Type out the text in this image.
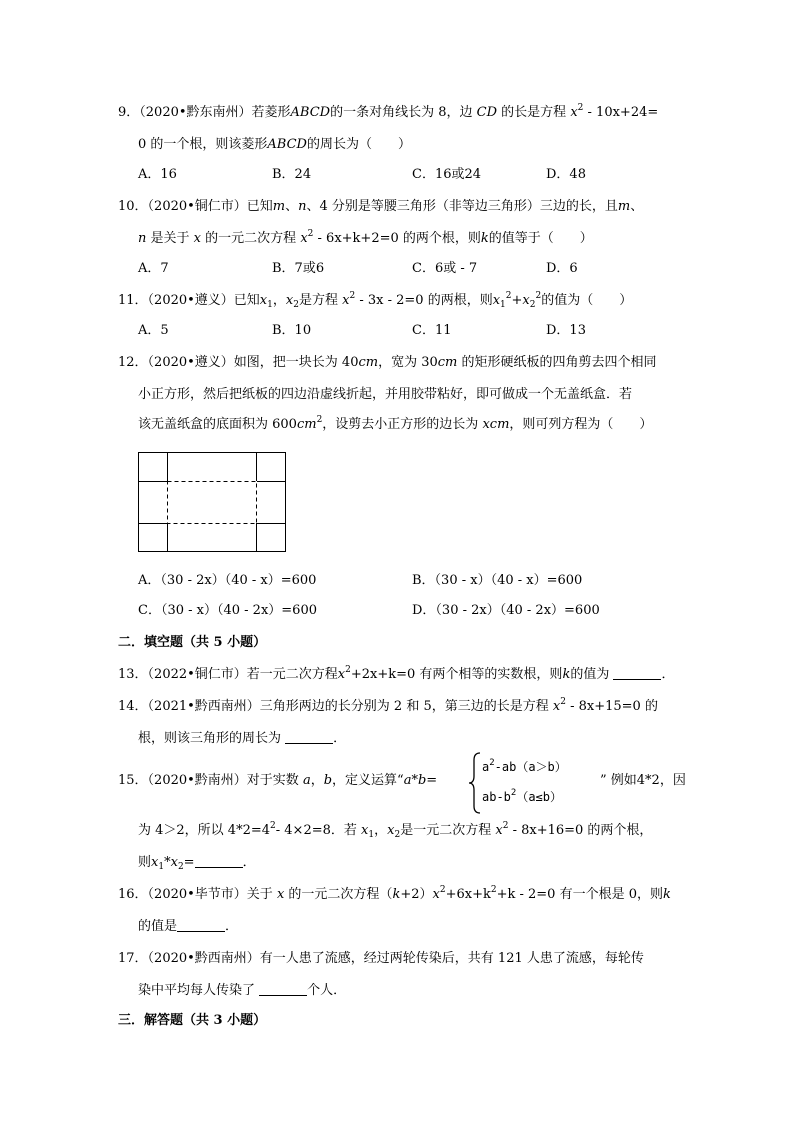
9．（2020•黔东南州）若菱形ABCD的一条对角线长为 8，边 CD 的长是方程 $x^2 - 10x+24=$
0 的一个根，则该菱形ABCD的周长为（　　）
A．16	B．24	C．16或24	D．48
10．（2020•铜仁市）已知m、n、4 分别是等腰三角形（非等边三角形）三边的长，且m、
n 是关于 x 的一元二次方程 $x^2 - 6x+k+2=0$ 的两个根，则k的值等于（　　）
A．7	B．7或6	C．6或 - 7	D．6
11．（2020•遵义）已知$x_1$，$x_2$是方程 $x^2 - 3x - 2=0$ 的两根，则$x_1^2+x_2^2$的值为（　　）
A．5	B．10	C．11	D．13
12．（2020•遵义）如图，把一块长为 40cm，宽为 30cm 的矩形硬纸板的四角剪去四个相同
小正方形，然后把纸板的四边沿虚线折起，并用胶带粘好，即可做成一个无盖纸盒．若
该无盖纸盒的底面积为 $600cm^2$，设剪去小正方形的边长为 xcm，则可列方程为（　　）
A．（30 - 2x）（40 - x）=600	B．（30 - x）（40 - x）=600
C．（30 - x）（40 - 2x）=600	D．（30 - 2x）（40 - 2x）=600
二．填空题（共 5 小题）
13．（2022•铜仁市）若一元二次方程$x^2+2x+k=0$ 有两个相等的实数根，则k的值为	．
14．（2021•黔西南州）三角形两边的长分别为 2 和 5，第三边的长是方程 $x^2 - 8x+15=0$ 的
根，则该三角形的周长为	．
15．（2020•黔南州）对于实数 a，b，定义运算“a*b=
$a^2-ab(a>b)$
$ab-b^2(a\le b)$
” 例如4*2，因
为 4＞2，所以 $4*2=4^2-$ 4×2=8．若 $x_1$，$x_2$是一元二次方程 $x^2 - 8x+16=0$ 的两个根，
则$x_1*x_2=$	．
16．（2020•毕节市）关于 x 的一元二次方程$(k+2)x^2+6x+k^2+k - 2=0$ 有一个根是 0，则k
的值是	．
17．（2020•黔西南州）有一人患了流感，经过两轮传染后，共有 121 人患了流感，每轮传
染中平均每人传染了	个人．
三．解答题（共 3 小题）
